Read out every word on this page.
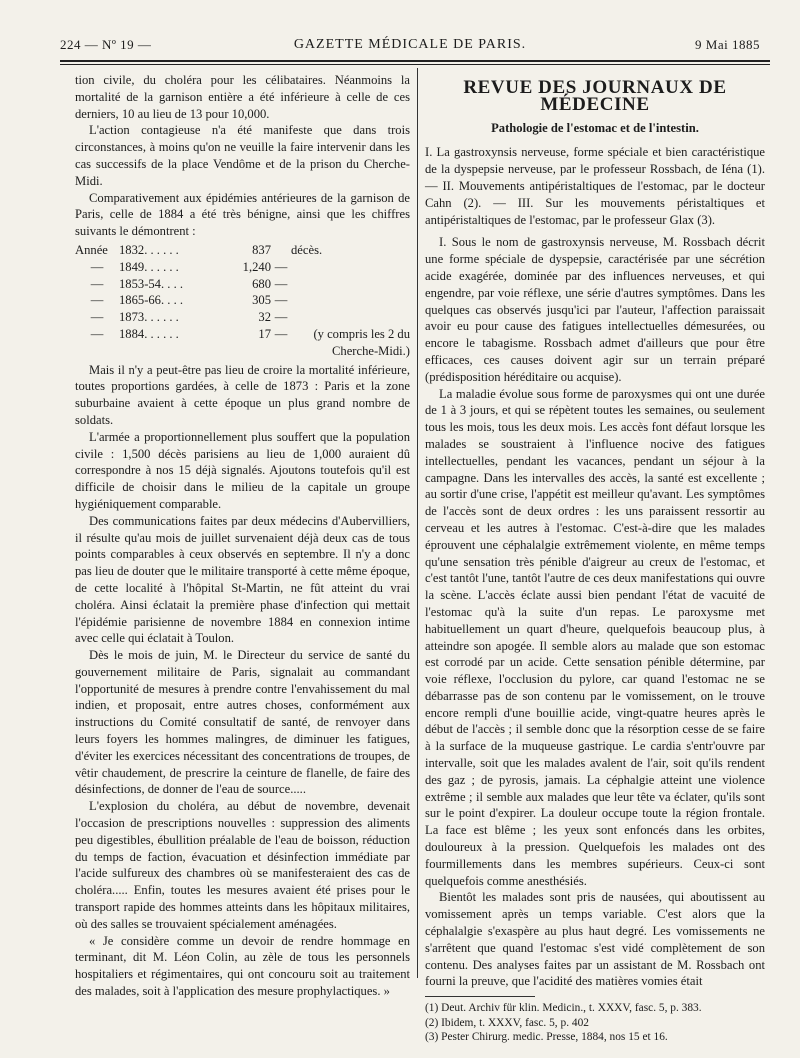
224 — Nº 19 —	GAZETTE MÉDICALE DE PARIS.	9 Mai 1885

tion civile, du choléra pour les célibataires. Néanmoins la mortalité de la garnison entière a été inférieure à celle de ces derniers, 10 au lieu de 13 pour 10,000.

L'action contagieuse n'a été manifeste que dans trois circonstances, à moins qu'on ne veuille la faire intervenir dans les cas successifs de la place Vendôme et de la prison du Cherche-Midi.

Comparativement aux épidémies antérieures de la garnison de Paris, celle de 1884 a été très bénigne, ainsi que les chiffres suivants le démontrent :

Année 1832. . . . . .	837 décès.
—	1849. . . . . .	1,240 —
—	1853-54. . . .	680 —
—	1865-66. . . .	305 —
—	1873. . . . . .	32 —
—	1884. . . . . .	17 —	(y compris les 2 du Cherche-Midi.)

Mais il n'y a peut-être pas lieu de croire la mortalité inférieure, toutes proportions gardées, à celle de 1873 : Paris et la zone suburbaine avaient à cette époque un plus grand nombre de soldats.

L'armée a proportionnellement plus souffert que la population civile : 1,500 décès parisiens au lieu de 1,000 auraient dû correspondre à nos 15 déjà signalés. Ajoutons toutefois qu'il est difficile de choisir dans le milieu de la capitale un groupe hygiéniquement comparable.

Des communications faites par deux médecins d'Aubervilliers, il résulte qu'au mois de juillet survenaient déjà deux cas de tous points comparables à ceux observés en septembre. Il n'y a donc pas lieu de douter que le militaire transporté à cette même époque, de cette localité à l'hôpital St-Martin, ne fût atteint du vrai choléra. Ainsi éclatait la première phase d'infection qui mettait l'épidémie parisienne de novembre 1884 en connexion intime avec celle qui éclatait à Toulon.

Dès le mois de juin, M. le Directeur du service de santé du gouvernement militaire de Paris, signalait au commandant l'opportunité de mesures à prendre contre l'envahissement du mal indien, et proposait, entre autres choses, conformément aux instructions du Comité consultatif de santé, de renvoyer dans leurs foyers les hommes malingres, de diminuer les fatigues, d'éviter les exercices nécessitant des concentrations de troupes, de vêtir chaudement, de prescrire la ceinture de flanelle, de faire des désinfections, de donner de l'eau de source.....

L'explosion du choléra, au début de novembre, devenait l'occasion de prescriptions nouvelles : suppression des aliments peu digestibles, ébullition préalable de l'eau de boisson, réduction du temps de faction, évacuation et désinfection immédiate par l'acide sulfureux des chambres où se manifesteraient des cas de choléra..... Enfin, toutes les mesures avaient été prises pour le transport rapide des hommes atteints dans les hôpitaux militaires, où des salles se trouvaient spécialement aménagées.

« Je considère comme un devoir de rendre hommage en terminant, dit M. Léon Colin, au zèle de tous les personnels hospitaliers et régimentaires, qui ont concouru soit au traitement des malades, soit à l'application des mesure prophylactiques. »

REVUE DES JOURNAUX DE MÉDECINE
Pathologie de l'estomac et de l'intestin.

I. La gastroxynsis nerveuse, forme spéciale et bien caractéristique de la dyspepsie nerveuse, par le professeur Rossbach, de Iéna (1). — II. Mouvements antipéristaltiques de l'estomac, par le docteur Cahn (2). — III. Sur les mouvements péristaltiques et antipéristaltiques de l'estomac, par le professeur Glax (3).

I. Sous le nom de gastroxynsis nerveuse, M. Rossbach décrit une forme spéciale de dyspepsie, caractérisée par une sécrétion acide exagérée, dominée par des influences nerveuses, et qui engendre, par voie réflexe, une série d'autres symptômes. Dans les quelques cas observés jusqu'ici par l'auteur, l'affection paraissait avoir eu pour cause des fatigues intellectuelles démesurées, ou encore le tabagisme. Rossbach admet d'ailleurs que pour être efficaces, ces causes doivent agir sur un terrain préparé (prédisposition héréditaire ou acquise).

La maladie évolue sous forme de paroxysmes qui ont une durée de 1 à 3 jours, et qui se répètent toutes les semaines, ou seulement tous les mois, tous les deux mois. Les accès font défaut lorsque les malades se soustraient à l'influence nocive des fatigues intellectuelles, pendant les vacances, pendant un séjour à la campagne. Dans les intervalles des accès, la santé est excellente ; au sortir d'une crise, l'appétit est meilleur qu'avant. Les symptômes de l'accès sont de deux ordres : les uns paraissent ressortir au cerveau et les autres à l'estomac. C'est-à-dire que les malades éprouvent une céphalalgie extrêmement violente, en même temps qu'une sensation très pénible d'aigreur au creux de l'estomac, et c'est tantôt l'une, tantôt l'autre de ces deux manifestations qui ouvre la scène. L'accès éclate aussi bien pendant l'état de vacuité de l'estomac qu'à la suite d'un repas. Le paroxysme met habituellement un quart d'heure, quelquefois beaucoup plus, à atteindre son apogée. Il semble alors au malade que son estomac est corrodé par un acide. Cette sensation pénible détermine, par voie réflexe, l'occlusion du pylore, car quand l'estomac ne se débarrasse pas de son contenu par le vomissement, on le trouve encore rempli d'une bouillie acide, vingt-quatre heures après le début de l'accès ; il semble donc que la résorption cesse de se faire à la surface de la muqueuse gastrique. Le cardia s'entr'ouvre par intervalle, soit que les malades avalent de l'air, soit qu'ils rendent des gaz ; de pyrosis, jamais. La céphalgie atteint une violence extrême ; il semble aux malades que leur tête va éclater, qu'ils sont sur le point d'expirer. La douleur occupe toute la région frontale. La face est blême ; les yeux sont enfoncés dans les orbites, douloureux à la pression. Quelquefois les malades ont des fourmillements dans les membres supérieurs. Ceux-ci sont quelquefois comme anesthésiés.

Bientôt les malades sont pris de nausées, qui aboutissent au vomissement après un temps variable. C'est alors que la céphalalgie s'exaspère au plus haut degré. Les vomissements ne s'arrêtent que quand l'estomac s'est vidé complètement de son contenu. Des analyses faites par un assistant de M. Rossbach ont fourni la preuve, que l'acidité des matières vomies était

(1) Deut. Archiv für klin. Medicin., t. XXXV, fasc. 5, p. 383.
(2) Ibidem, t. XXXV, fasc. 5, p. 402
(3) Pester Chirurg. medic. Presse, 1884, nos 15 et 16.
